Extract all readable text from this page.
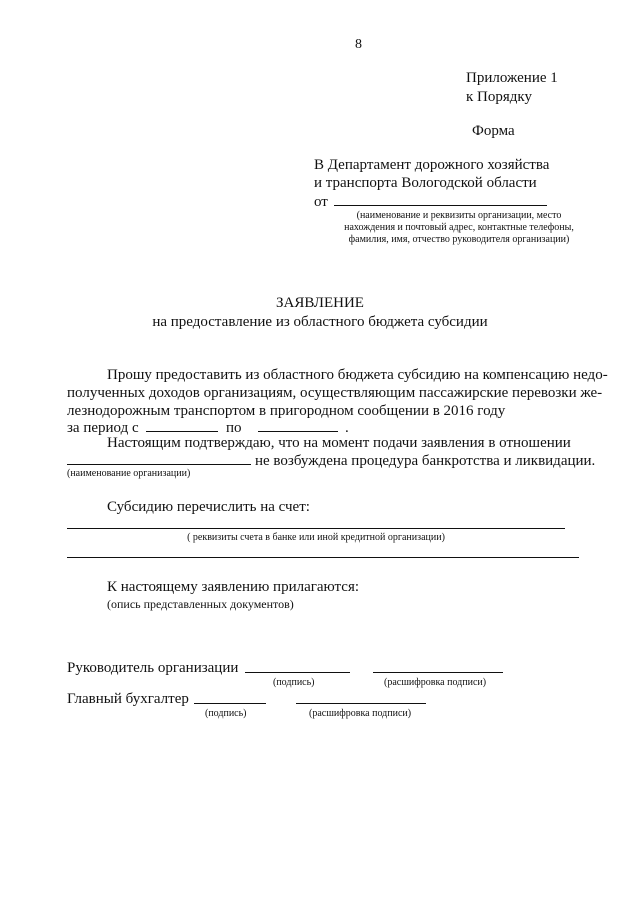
8
Приложение 1
к Порядку
Форма
В Департамент дорожного хозяйства
и транспорта Вологодской области
от
(наименование и реквизиты организации, место
нахождения и почтовый адрес, контактные телефоны,
фамилия, имя, отчество руководителя организации)
ЗАЯВЛЕНИЕ
на предоставление из областного бюджета субсидии
Прошу предоставить из областного бюджета субсидию на компенсацию недо-
полученных доходов организациям, осуществляющим пассажирские перевозки же-
лезнодорожным транспортом в пригородном сообщении в 2016 году
за период с	по	.
Настоящим подтверждаю, что на момент подачи заявления в отношении
не возбуждена процедура банкротства и ликвидации.
(наименование организации)
Субсидию перечислить на счет:
( реквизиты счета в банке или иной кредитной организации)
К настоящему заявлению прилагаются:
(опись представленных документов)
Руководитель организации
(подпись)	(расшифровка подписи)
Главный бухгалтер
(подпись)	(расшифровка подписи)
